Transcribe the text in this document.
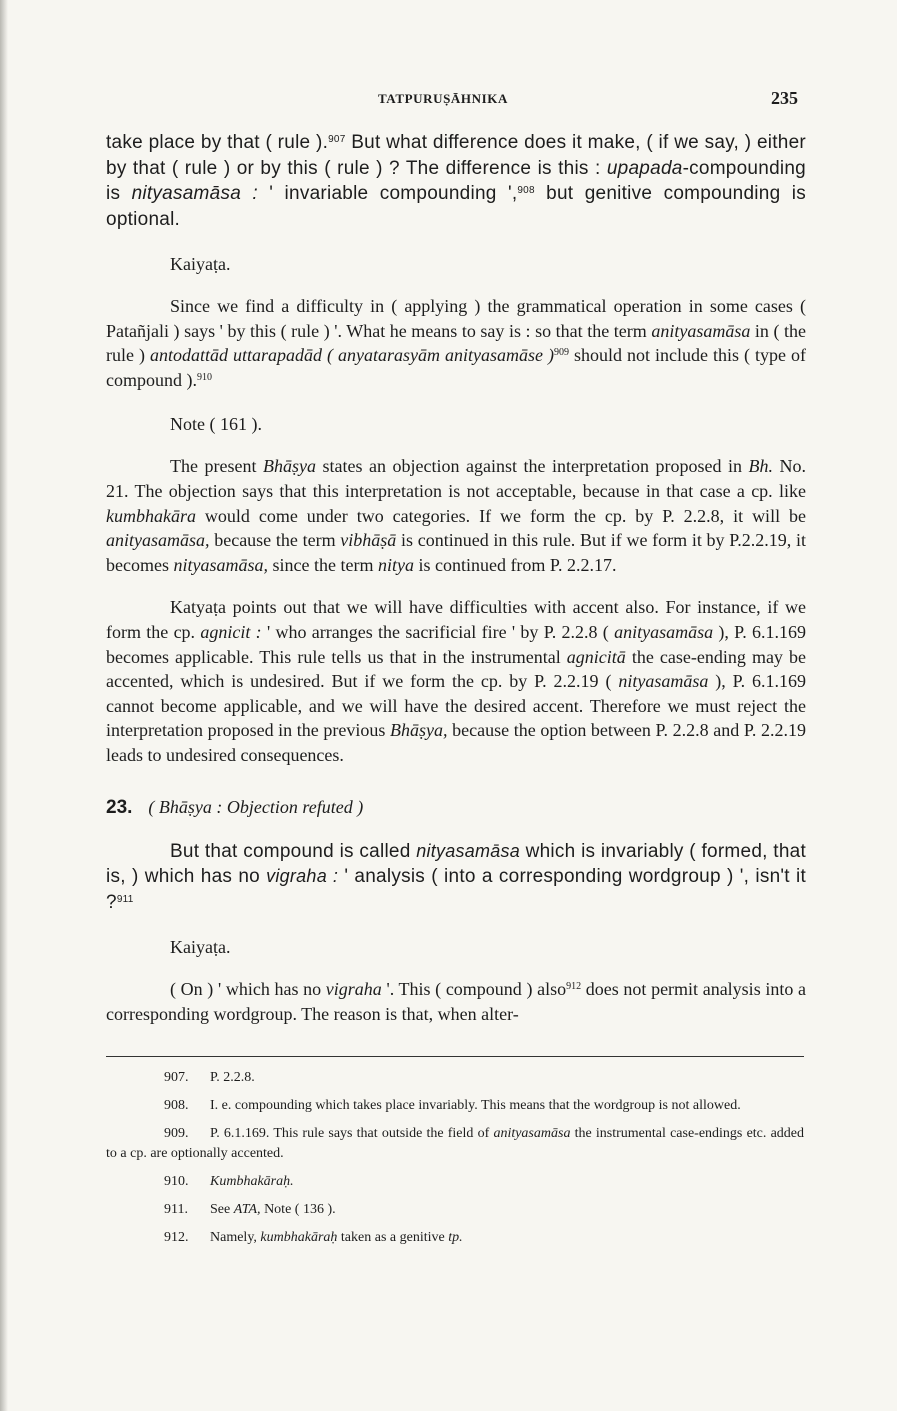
TATPURUṢĀHNIKA	235

take place by that ( rule ).$^{907}$ But what difference does it make, ( if we say, ) either by that ( rule ) or by this ( rule ) ? The difference is this : upapada-compounding is nityasamāsa : ' invariable compounding ',$^{908}$ but genitive compounding is optional.

Kaiyaṭa.

Since we find a difficulty in ( applying ) the grammatical operation in some cases ( Patañjali ) says ' by this ( rule ) '. What he means to say is : so that the term anityasamāsa in ( the rule ) antodattād uttarapadād ( anyatarasyām anityasamāse )$^{909}$ should not include this ( type of compound ).$^{910}$

Note ( 161 ).

The present Bhāṣya states an objection against the interpretation proposed in Bh. No. 21. The objection says that this interpretation is not acceptable, because in that case a cp. like kumbhakāra would come under two categories. If we form the cp. by P. 2.2.8, it will be anityasamāsa, because the term vibhāṣā is continued in this rule. But if we form it by P.2.2.19, it becomes nityasamāsa, since the term nitya is continued from P. 2.2.17.

Katyaṭa points out that we will have difficulties with accent also. For instance, if we form the cp. agnicit : ' who arranges the sacrificial fire ' by P. 2.2.8 ( anityasamāsa ), P. 6.1.169 becomes applicable. This rule tells us that in the instrumental agnicitā the case-ending may be accented, which is undesired. But if we form the cp. by P. 2.2.19 ( nityasamāsa ), P. 6.1.169 cannot become applicable, and we will have the desired accent. Therefore we must reject the interpretation proposed in the previous Bhāṣya, because the option between P. 2.2.8 and P. 2.2.19 leads to undesired consequences.

23. ( Bhāṣya : Objection refuted )

But that compound is called nityasamāsa which is invariably ( formed, that is, ) which has no vigraha : ' analysis ( into a corresponding wordgroup ) ', isn't it ?$^{911}$

Kaiyaṭa.

( On ) ' which has no vigraha '. This ( compound ) also$^{912}$ does not permit analysis into a corresponding wordgroup. The reason is that, when alter-

907. P. 2.2.8.

908. I. e. compounding which takes place invariably. This means that the wordgroup is not allowed.

909. P. 6.1.169. This rule says that outside the field of anityasamāsa the instrumental case-endings etc. added to a cp. are optionally accented.

910. Kumbhakāraḥ.

911. See ATA, Note ( 136 ).

912. Namely, kumbhakāraḥ taken as a genitive tp.
